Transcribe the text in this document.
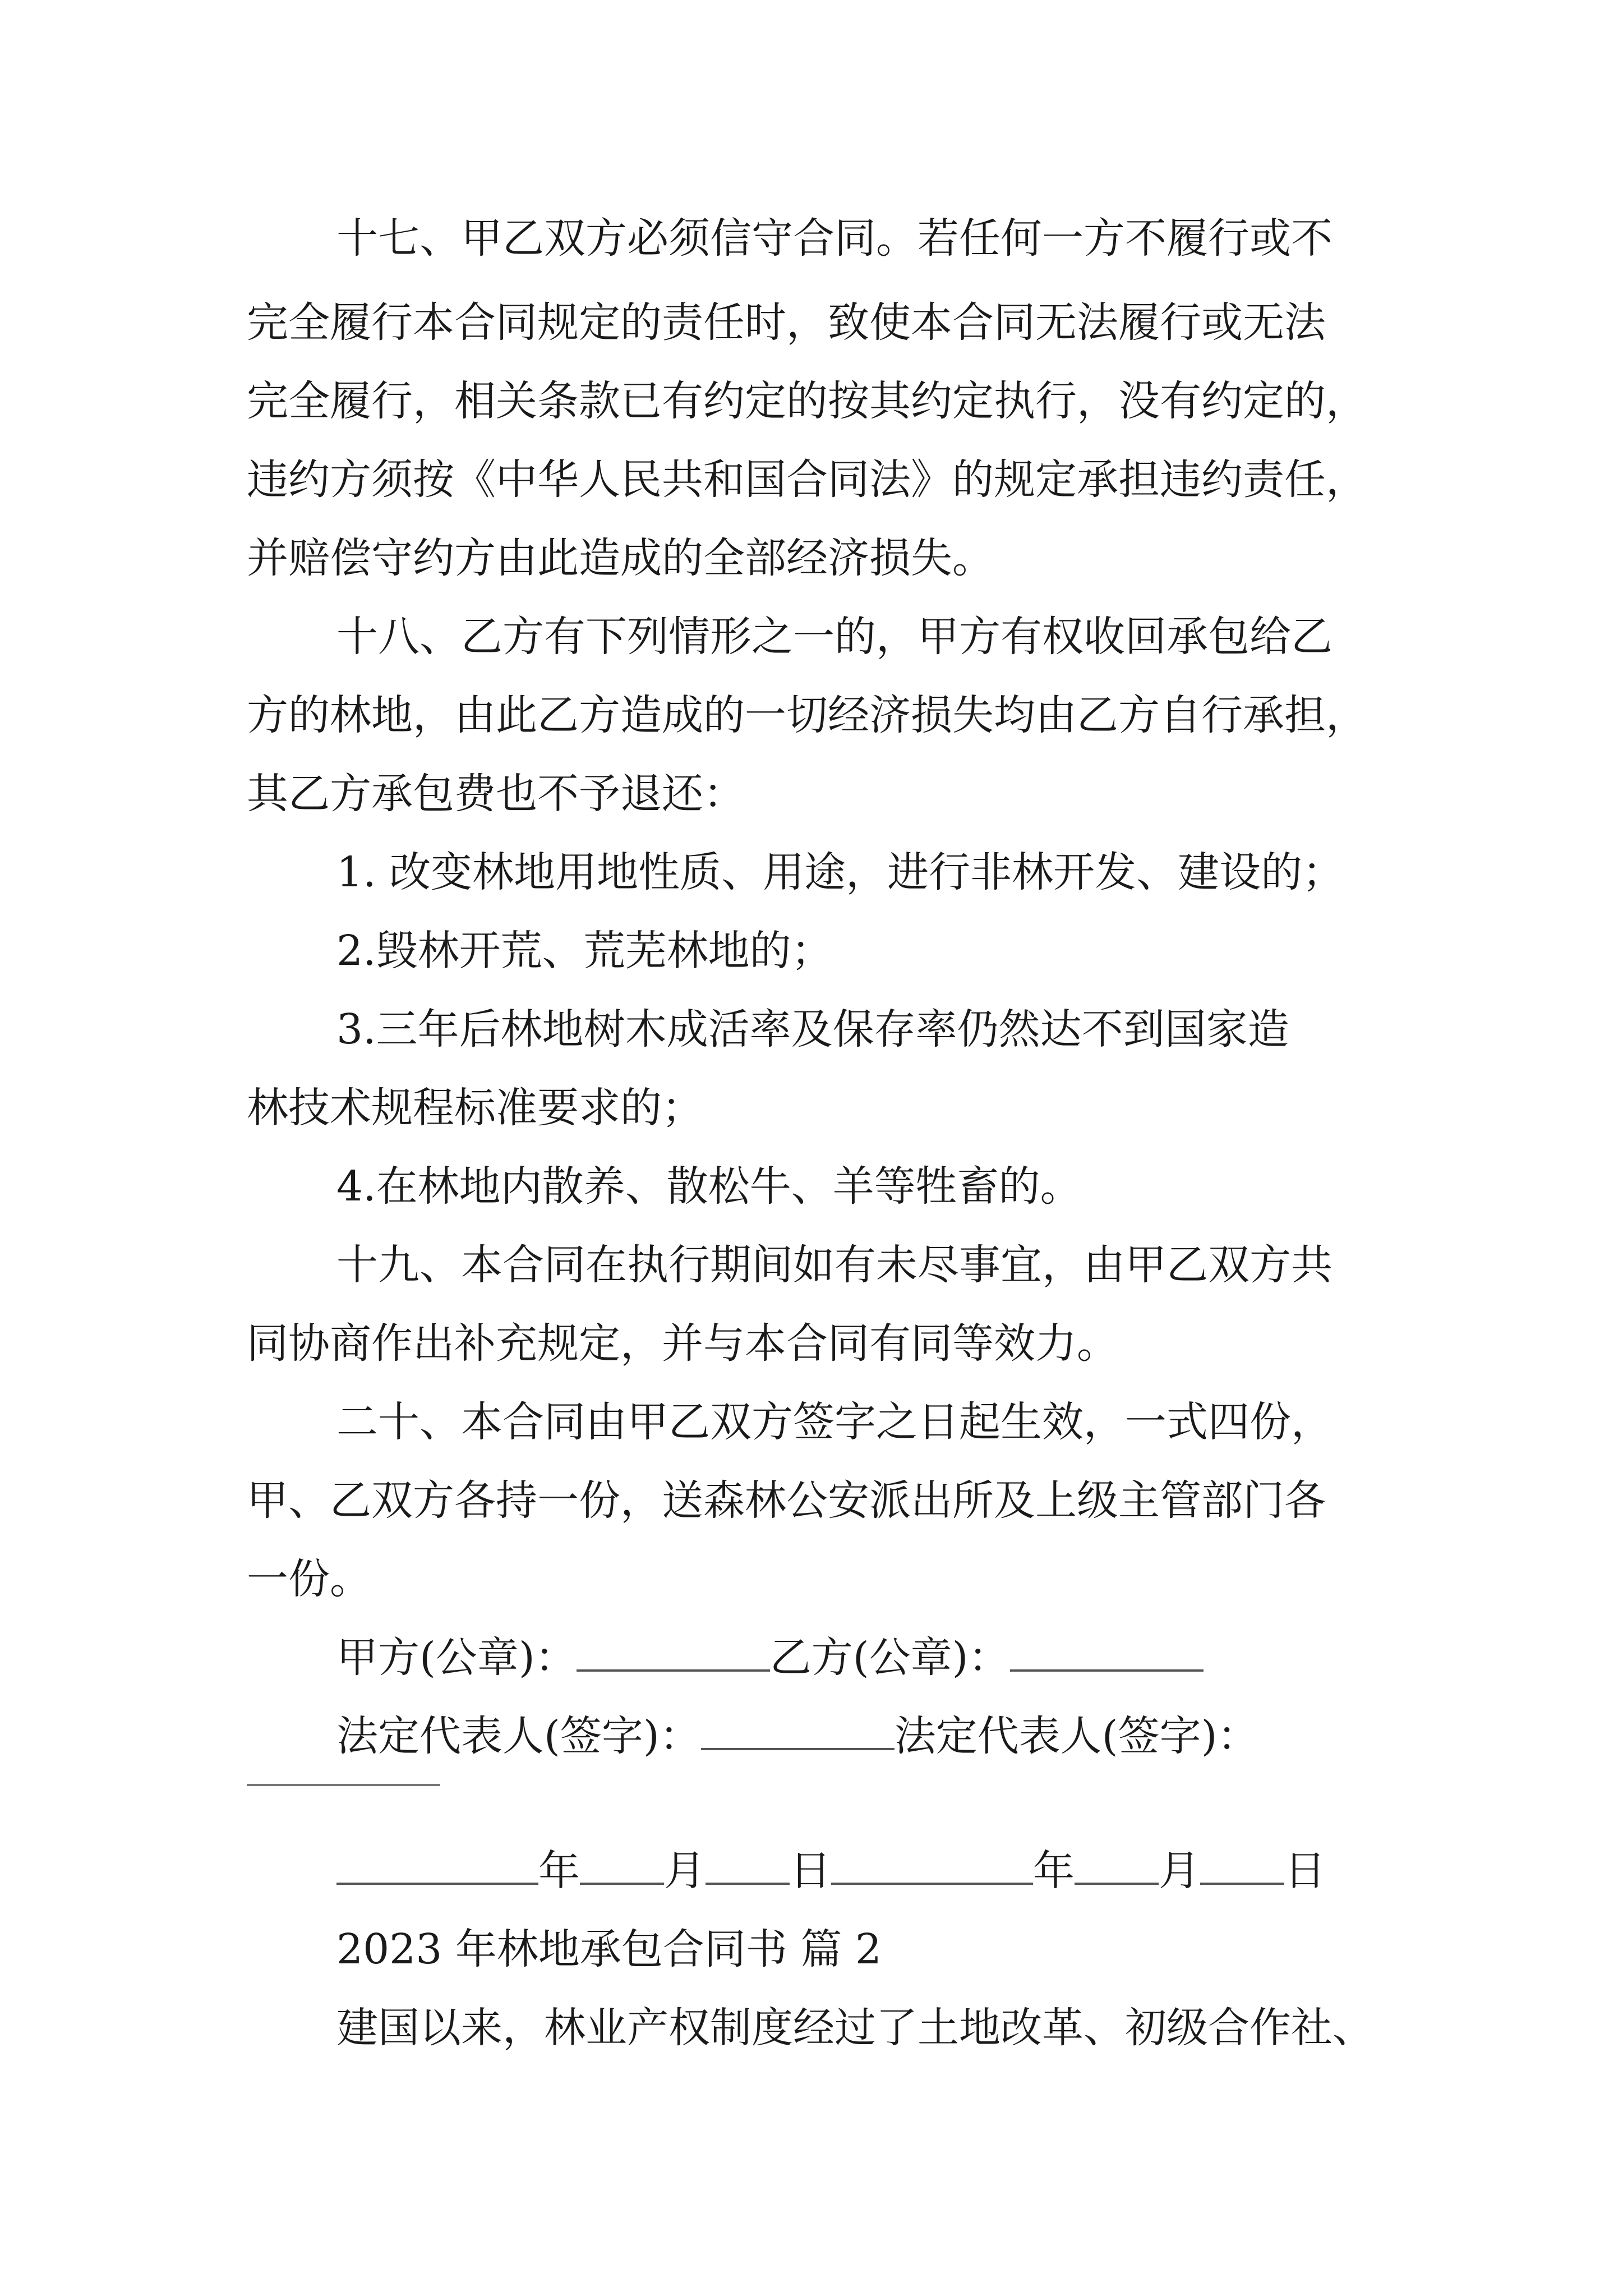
十七、甲乙双方必须信守合同。若任何一方不履行或不
完全履行本合同规定的责任时，致使本合同无法履行或无法
完全履行，相关条款已有约定的按其约定执行，没有约定的，
违约方须按《中华人民共和国合同法》的规定承担违约责任，
并赔偿守约方由此造成的全部经济损失。
十八、乙方有下列情形之一的，甲方有权收回承包给乙
方的林地，由此乙方造成的一切经济损失均由乙方自行承担，
其乙方承包费也不予退还：
1. 改变林地用地性质、用途，进行非林开发、建设的；
2.毁林开荒、荒芜林地的；
3.三年后林地树木成活率及保存率仍然达不到国家造
林技术规程标准要求的；
4.在林地内散养、散松牛、羊等牲畜的。
十九、本合同在执行期间如有未尽事宜，由甲乙双方共
同协商作出补充规定，并与本合同有同等效力。
二十、本合同由甲乙双方签字之日起生效，一式四份，
甲、乙双方各持一份，送森林公安派出所及上级主管部门各
一份。
甲方(公章)：	乙方(公章)：
法定代表人(签字)：	法定代表人(签字)：
年 月 日	年 月 日
2023 年林地承包合同书 篇 2
建国以来，林业产权制度经过了土地改革、初级合作社、
